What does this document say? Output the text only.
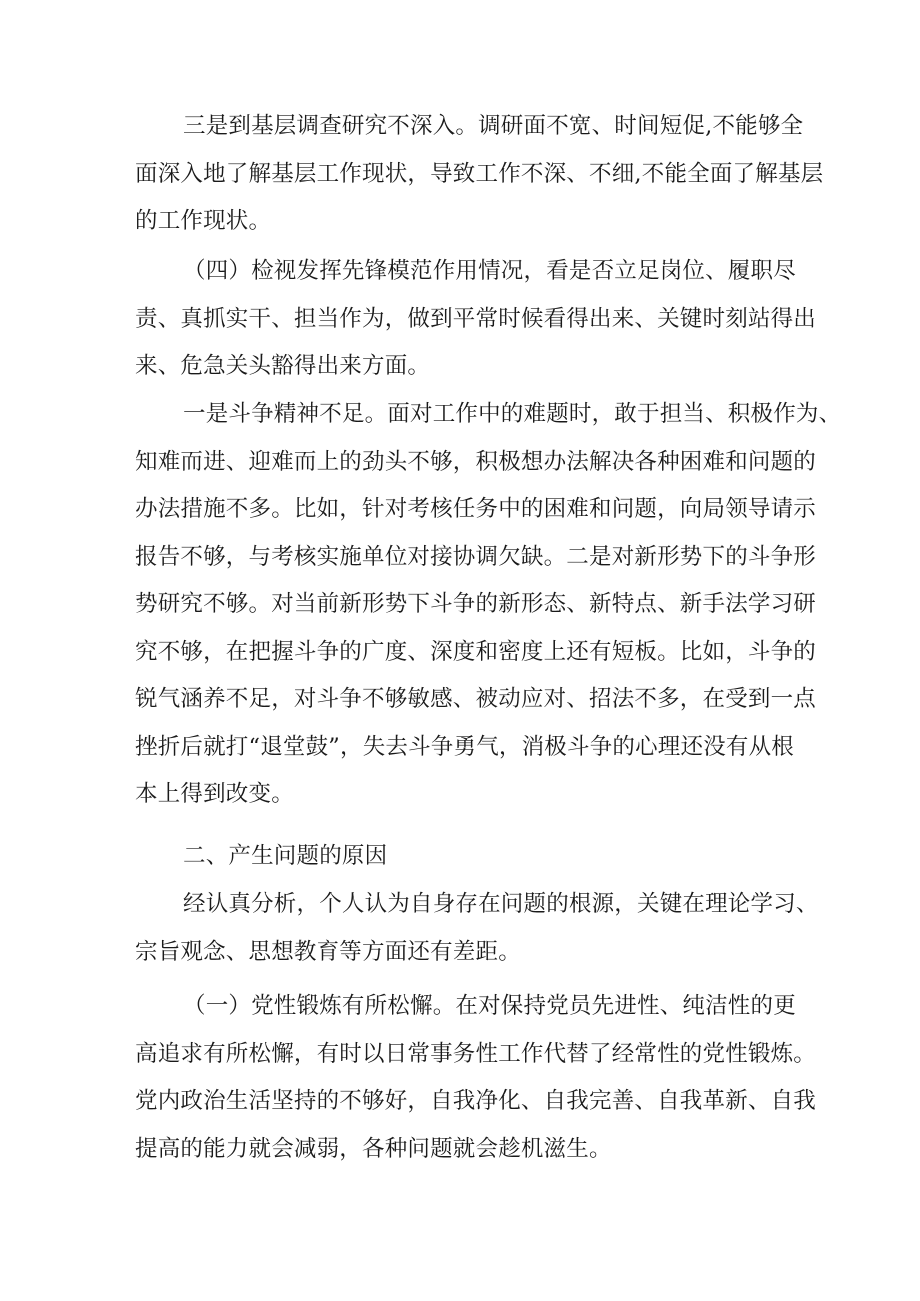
三是到基层调查研究不深入。调研面不宽、时间短促,不能够全
面深入地了解基层工作现状，导致工作不深、不细,不能全面了解基层
的工作现状。
（四）检视发挥先锋模范作用情况，看是否立足岗位、履职尽
责、真抓实干、担当作为，做到平常时候看得出来、关键时刻站得出
来、危急关头豁得出来方面。
一是斗争精神不足。面对工作中的难题时，敢于担当、积极作为、
知难而进、迎难而上的劲头不够，积极想办法解决各种困难和问题的
办法措施不多。比如，针对考核任务中的困难和问题，向局领导请示
报告不够，与考核实施单位对接协调欠缺。二是对新形势下的斗争形
势研究不够。对当前新形势下斗争的新形态、新特点、新手法学习研
究不够，在把握斗争的广度、深度和密度上还有短板。比如，斗争的
锐气涵养不足，对斗争不够敏感、被动应对、招法不多，在受到一点
挫折后就打“退堂鼓”，失去斗争勇气，消极斗争的心理还没有从根
本上得到改变。
二、产生问题的原因
经认真分析，个人认为自身存在问题的根源，关键在理论学习、
宗旨观念、思想教育等方面还有差距。
（一）党性锻炼有所松懈。在对保持党员先进性、纯洁性的更
高追求有所松懈，有时以日常事务性工作代替了经常性的党性锻炼。
党内政治生活坚持的不够好，自我净化、自我完善、自我革新、自我
提高的能力就会减弱，各种问题就会趁机滋生。
